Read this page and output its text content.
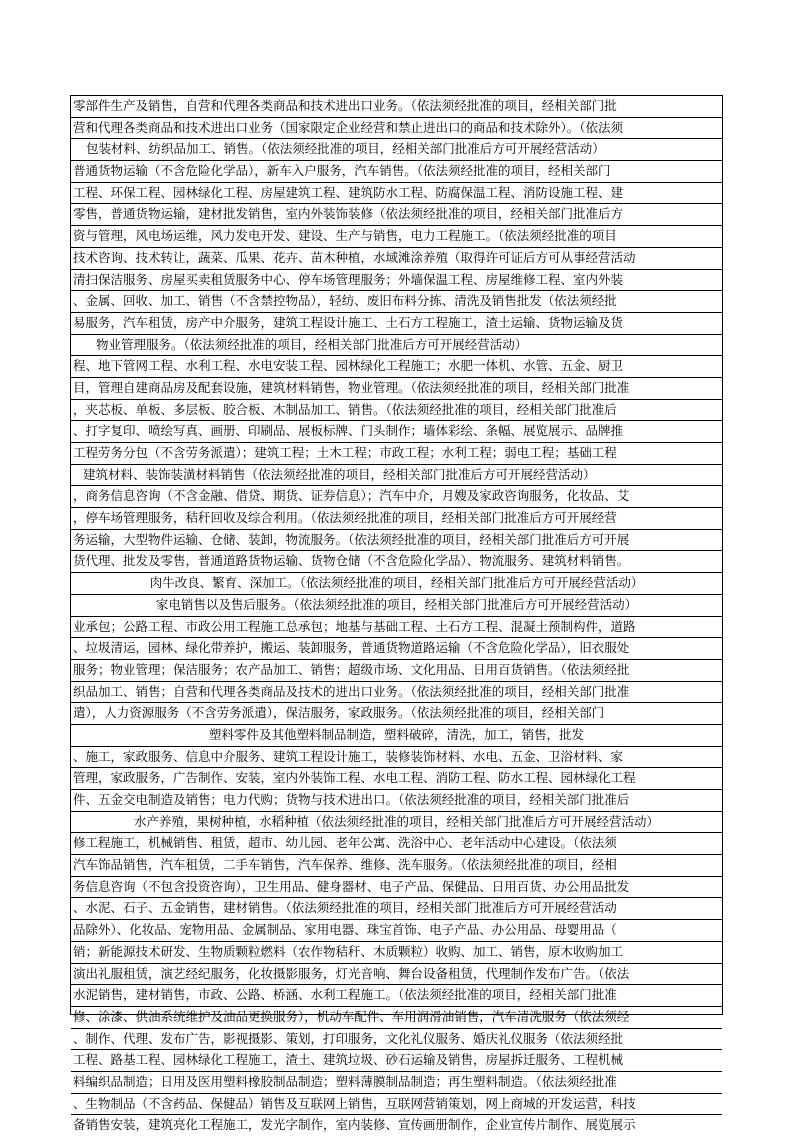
零部件生产及销售，自营和代理各类商品和技术进出口业务。（依法须经批准的项目，经相关部门批
营和代理各类商品和技术进出口业务（国家限定企业经营和禁止进出口的商品和技术除外）。（依法须
包装材料、纺织品加工、销售。（依法须经批准的项目，经相关部门批准后方可开展经营活动）
普通货物运输（不含危险化学品），新车入户服务，汽车销售。（依法须经批准的项目，经相关部门
工程、环保工程、园林绿化工程、房屋建筑工程、建筑防水工程、防腐保温工程、消防设施工程、建
零售，普通货物运输，建材批发销售，室内外装饰装修（依法须经批准的项目，经相关部门批准后方
资与管理，风电场运维，风力发电开发、建设、生产与销售，电力工程施工。（依法须经批准的项目
技术咨询、技术转让，蔬菜、瓜果、花卉、苗木种植，水域滩涂养殖（取得许可证后方可从事经营活动
清扫保洁服务、房屋买卖租赁服务中心、停车场管理服务；外墙保温工程、房屋维修工程、室内外装
、金属、回收、加工、销售（不含禁控物品），轻纺、废旧布料分拣、清洗及销售批发（依法须经批
易服务，汽车租赁，房产中介服务，建筑工程设计施工、土石方工程施工，渣土运输、货物运输及货
物业管理服务。（依法须经批准的项目，经相关部门批准后方可开展经营活动）
程、地下管网工程、水利工程、水电安装工程、园林绿化工程施工；水肥一体机、水管、五金、厨卫
目，管理自建商品房及配套设施，建筑材料销售，物业管理。（依法须经批准的项目，经相关部门批准
，夹芯板、单板、多层板、胶合板、木制品加工、销售。（依法须经批准的项目，经相关部门批准后
、打字复印、喷绘写真、画册、印刷品、展板标牌、门头制作；墙体彩绘、条幅、展览展示、品牌推
工程劳务分包（不含劳务派遣）；建筑工程；土木工程；市政工程；水利工程；弱电工程；基础工程
建筑材料、装饰装潢材料销售（依法须经批准的项目，经相关部门批准后方可开展经营活动）
，商务信息咨询（不含金融、借贷、期货、证券信息）；汽车中介，月嫂及家政咨询服务，化妆品、艾
，停车场管理服务，秸秆回收及综合利用。（依法须经批准的项目，经相关部门批准后方可开展经营
务运输，大型物件运输、仓储、装卸，物流服务。（依法须经批准的项目，经相关部门批准后方可开展
货代理、批发及零售，普通道路货物运输、货物仓储（不含危险化学品）、物流服务、建筑材料销售。
肉牛改良、繁育、深加工。（依法须经批准的项目，经相关部门批准后方可开展经营活动）
家电销售以及售后服务。（依法须经批准的项目，经相关部门批准后方可开展经营活动）
业承包；公路工程、市政公用工程施工总承包；地基与基础工程、土石方工程、混凝土预制构件，道路
、垃圾清运，园林、绿化带养护，搬运、装卸服务，普通货物道路运输（不含危险化学品），旧衣服处
服务；物业管理；保洁服务；农产品加工、销售；超级市场、文化用品、日用百货销售。（依法须经批
织品加工、销售；自营和代理各类商品及技术的进出口业务。（依法须经批准的项目，经相关部门批准
遣），人力资源服务（不含劳务派遣），保洁服务，家政服务。（依法须经批准的项目，经相关部门
塑料零件及其他塑料制品制造，塑料破碎，清洗，加工，销售，批发
、施工，家政服务、信息中介服务、建筑工程设计施工，装修装饰材料、水电、五金、卫浴材料、家
管理，家政服务，广告制作、安装，室内外装饰工程、水电工程、消防工程、防水工程、园林绿化工程
件、五金交电制造及销售；电力代购；货物与技术进出口。（依法须经批准的项目，经相关部门批准后
水产养殖，果树种植，水稻种植（依法须经批准的项目，经相关部门批准后方可开展经营活动）
修工程施工，机械销售、租赁，超市、幼儿园、老年公寓、洗浴中心、老年活动中心建设。（依法须
汽车饰品销售，汽车租赁，二手车销售，汽车保养、维修、洗车服务。（依法须经批准的项目，经相
务信息咨询（不包含投资咨询），卫生用品、健身器材、电子产品、保健品、日用百货、办公用品批发
、水泥、石子、五金销售，建材销售。（依法须经批准的项目，经相关部门批准后方可开展经营活动
品除外）、化妆品、宠物用品、金属制品、家用电器、珠宝首饰、电子产品、办公用品、母婴用品（
销；新能源技术研发、生物质颗粒燃料（农作物秸秆、木质颗粒）收购、加工、销售，原木收购加工
演出礼服租赁，演艺经纪服务，化妆摄影服务，灯光音响、舞台设备租赁，代理制作发布广告。（依法
水泥销售，建材销售，市政、公路、桥涵、水利工程施工。（依法须经批准的项目，经相关部门批准
修、涂漆、供油系统维护及油品更换服务），机动车配件、车用润滑油销售，汽车清洗服务（依法须经
、制作、代理、发布广告，影视摄影、策划，打印服务，文化礼仪服务、婚庆礼仪服务（依法须经批
工程、路基工程、园林绿化工程施工，渣土、建筑垃圾、砂石运输及销售，房屋拆迁服务、工程机械
料编织品制造；日用及医用塑料橡胶制品制造；塑料薄膜制品制造；再生塑料制造。（依法须经批准
、生物制品（不含药品、保健品）销售及互联网上销售，互联网营销策划，网上商城的开发运营，科技
备销售安装，建筑亮化工程施工，发光字制作，室内装修、宣传画册制作，企业宣传片制作、展览展示
